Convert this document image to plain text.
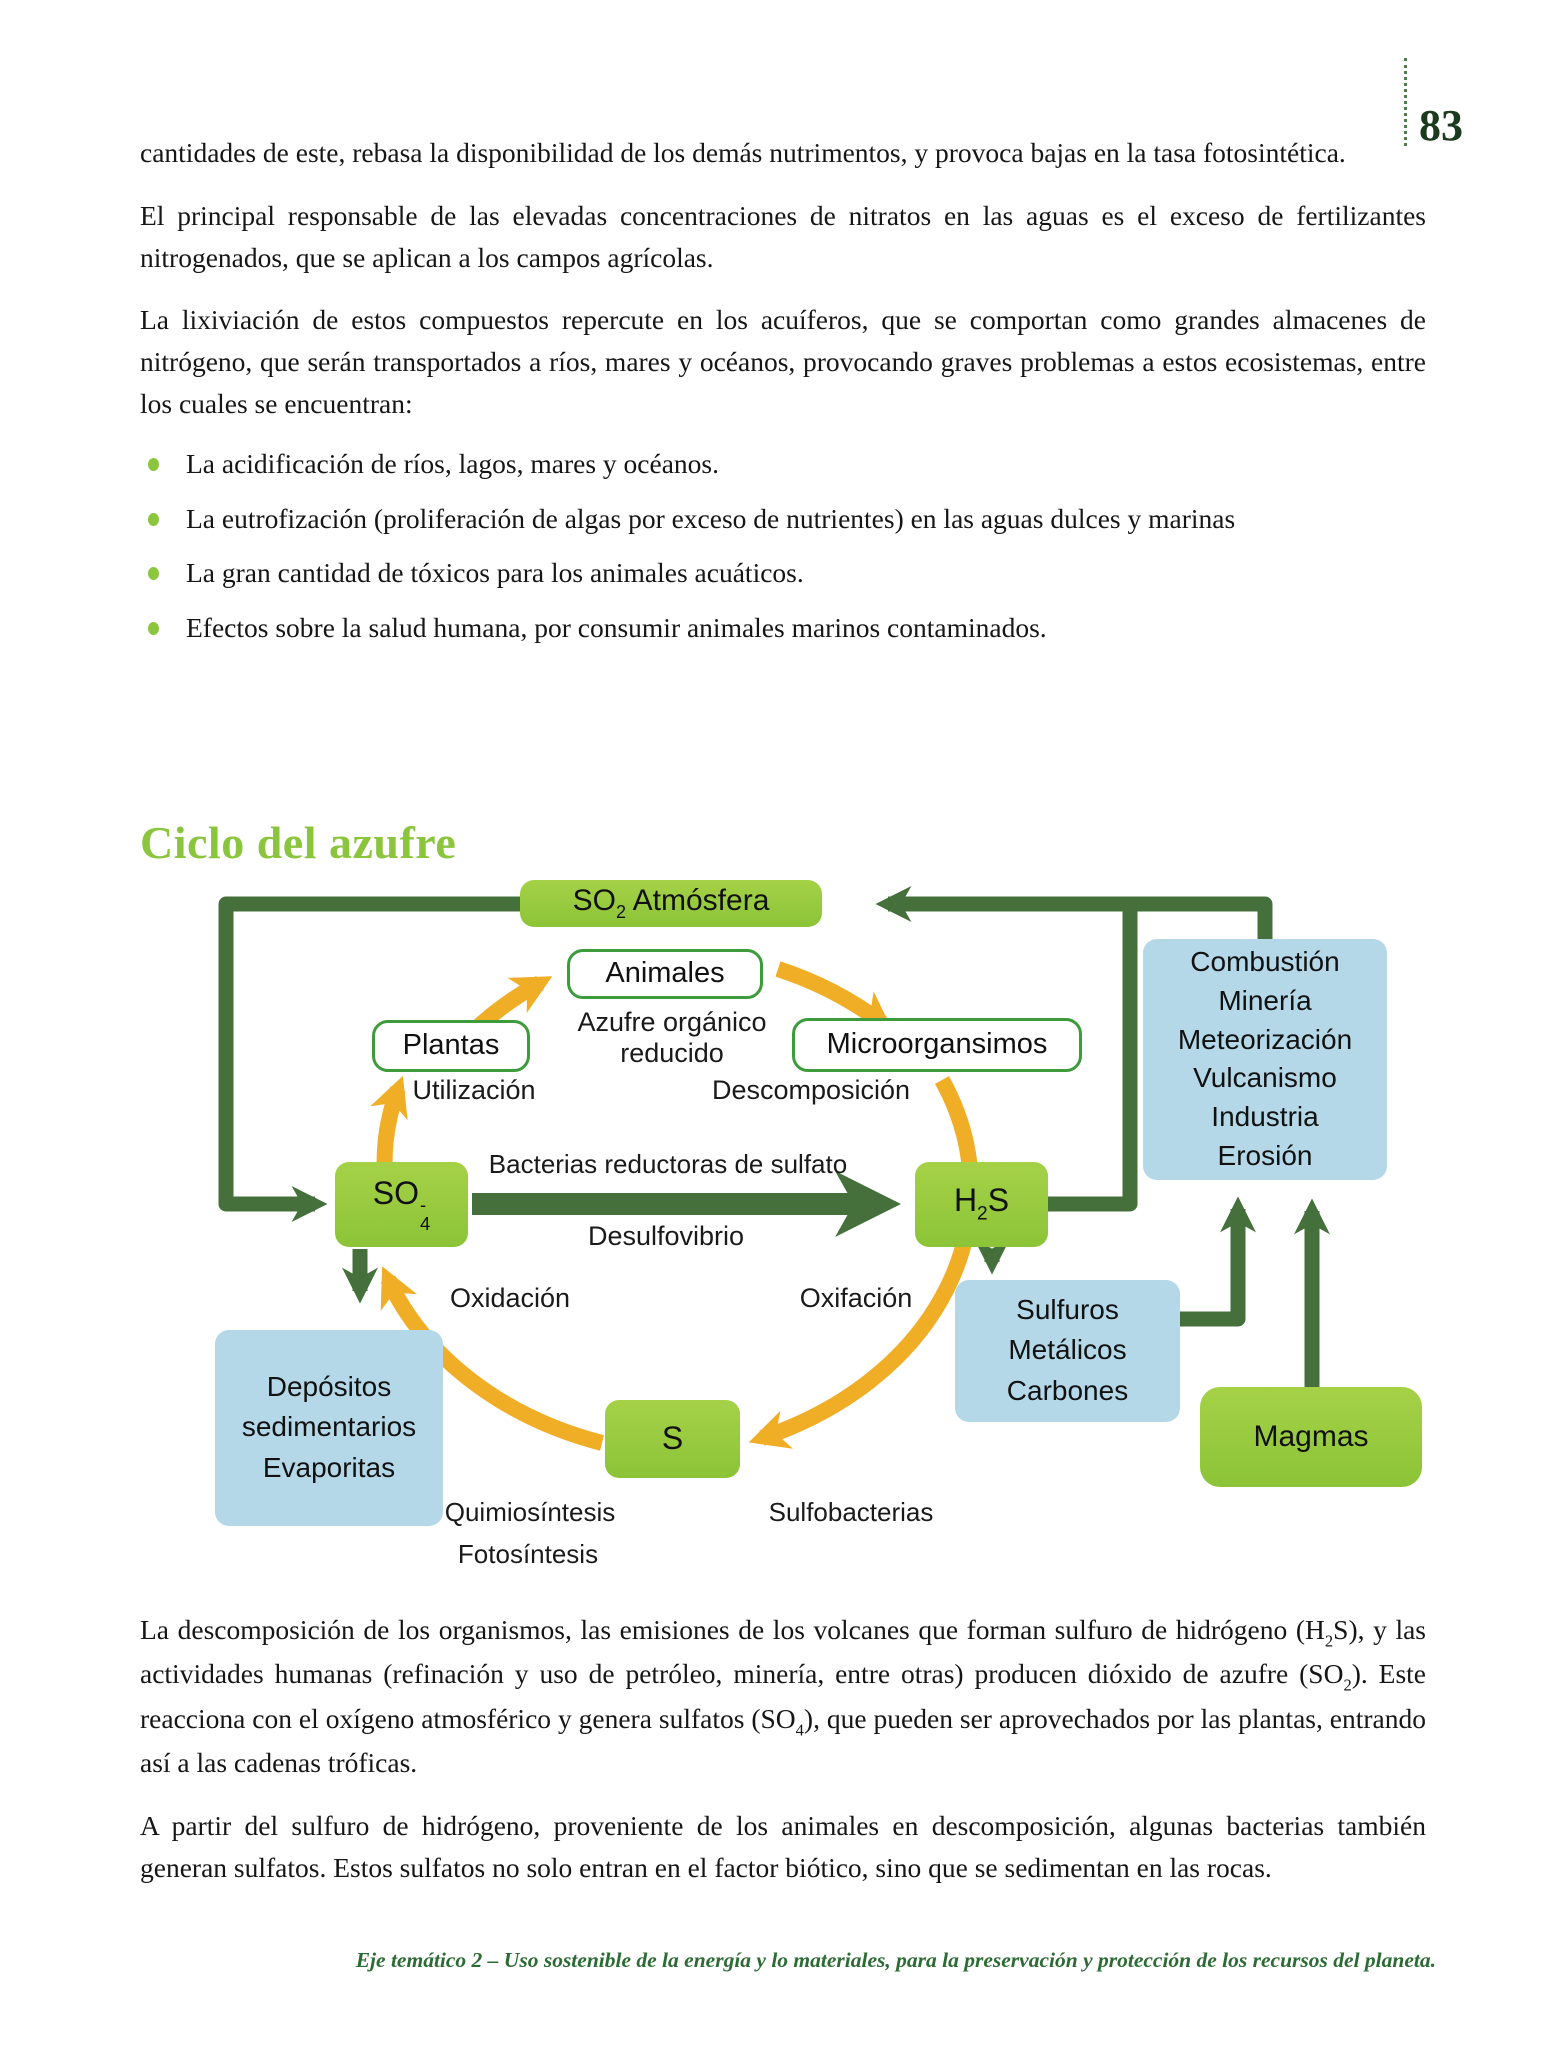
83

cantidades de este, rebasa la disponibilidad de los demás nutrimentos, y provoca bajas en la tasa fotosintética.

El principal responsable de las elevadas concentraciones de nitratos en las aguas es el exceso de fertilizantes nitrogenados, que se aplican a los campos agrícolas.

La lixiviación de estos compuestos repercute en los acuíferos, que se comportan como grandes almacenes de nitrógeno, que serán transportados a ríos, mares y océanos, provocando graves problemas a estos ecosistemas, entre los cuales se encuentran:

La acidificación de ríos, lagos, mares y océanos.
La eutrofización (proliferación de algas por exceso de nutrientes) en las aguas dulces y marinas
La gran cantidad de tóxicos para los animales acuáticos.
Efectos sobre la salud humana, por consumir animales marinos contaminados.
Ciclo del azufre
$SO_2$ Atmósfera
Animales
Plantas	Microorgansimos
SO -
4
$H_2S$
S
Depósitos
sedimentarios
Evaporitas
Combustión
Minería
Meteorización
Vulcanismo
Industria
Erosión
Sulfuros
Metálicos
Carbones
Magmas
Azufre orgánico
reducido
Utilización	Descomposición
Bacterias reductoras de sulfato
Desulfovibrio
Oxidación	Oxifación
Quimiosíntesis
Fotosíntesis
Sulfobacterias

La descomposición de los organismos, las emisiones de los volcanes que forman sulfuro de hidrógeno $(H_2S)$, y las actividades humanas (refinación y uso de petróleo, minería, entre otras) producen dióxido de azufre $(SO_2)$. Este reacciona con el oxígeno atmosférico y genera sulfatos $(SO_4)$, que pueden ser aprovechados por las plantas, entrando así a las cadenas tróficas.

A partir del sulfuro de hidrógeno, proveniente de los animales en descomposición, algunas bacterias también generan sulfatos. Estos sulfatos no solo entran en el factor biótico, sino que se sedimentan en las rocas.

Eje temático 2 – Uso sostenible de la energía y lo materiales, para la preservación y protección de los recursos del planeta.
